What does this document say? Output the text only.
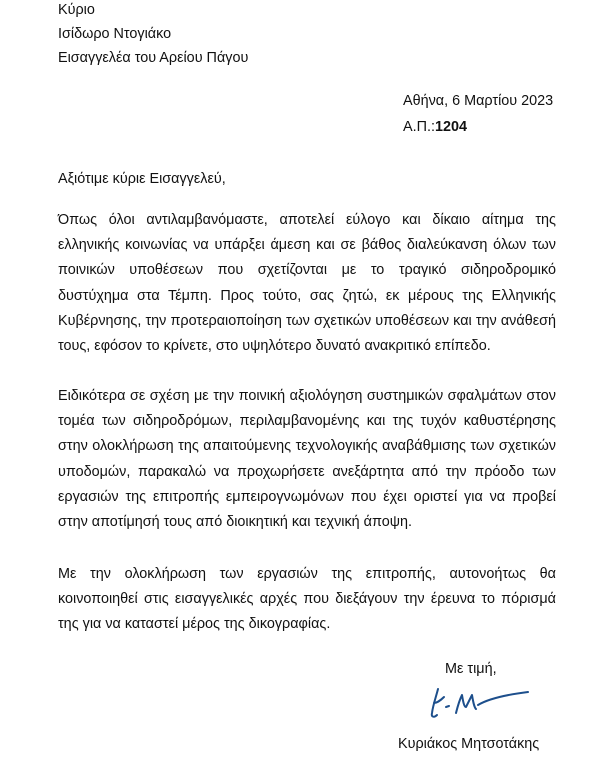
Κύριο
Ισίδωρο Ντογιάκο
Εισαγγελέα του Αρείου Πάγου
Αθήνα, 6 Μαρτίου 2023
Α.Π.:1204
Αξιότιμε κύριε Εισαγγελεύ,
Όπως όλοι αντιλαμβανόμαστε, αποτελεί εύλογο και δίκαιο αίτημα της ελληνικής κοινωνίας να υπάρξει άμεση και σε βάθος διαλεύκανση όλων των ποινικών υποθέσεων που σχετίζονται με το τραγικό σιδηροδρομικό δυστύχημα στα Τέμπη. Προς τούτο, σας ζητώ, εκ μέρους της Ελληνικής Κυβέρνησης, την προτεραιοποίηση των σχετικών υποθέσεων και την ανάθεσή τους, εφόσον το κρίνετε, στο υψηλότερο δυνατό ανακριτικό επίπεδο.
Ειδικότερα σε σχέση με την ποινική αξιολόγηση συστημικών σφαλμάτων στον τομέα των σιδηροδρόμων, περιλαμβανομένης και της τυχόν καθυστέρησης στην ολοκλήρωση της απαιτούμενης τεχνολογικής αναβάθμισης των σχετικών υποδομών, παρακαλώ να προχωρήσετε ανεξάρτητα από την πρόοδο των εργασιών της επιτροπής εμπειρογνωμόνων που έχει οριστεί για να προβεί στην αποτίμησή τους από διοικητική και τεχνική άποψη.
Με την ολοκλήρωση των εργασιών της επιτροπής, αυτονοήτως θα κοινοποιηθεί στις εισαγγελικές αρχές που διεξάγουν την έρευνα το πόρισμά της για να καταστεί μέρος της δικογραφίας.
Με τιμή,
Κυριάκος Μητσοτάκης
